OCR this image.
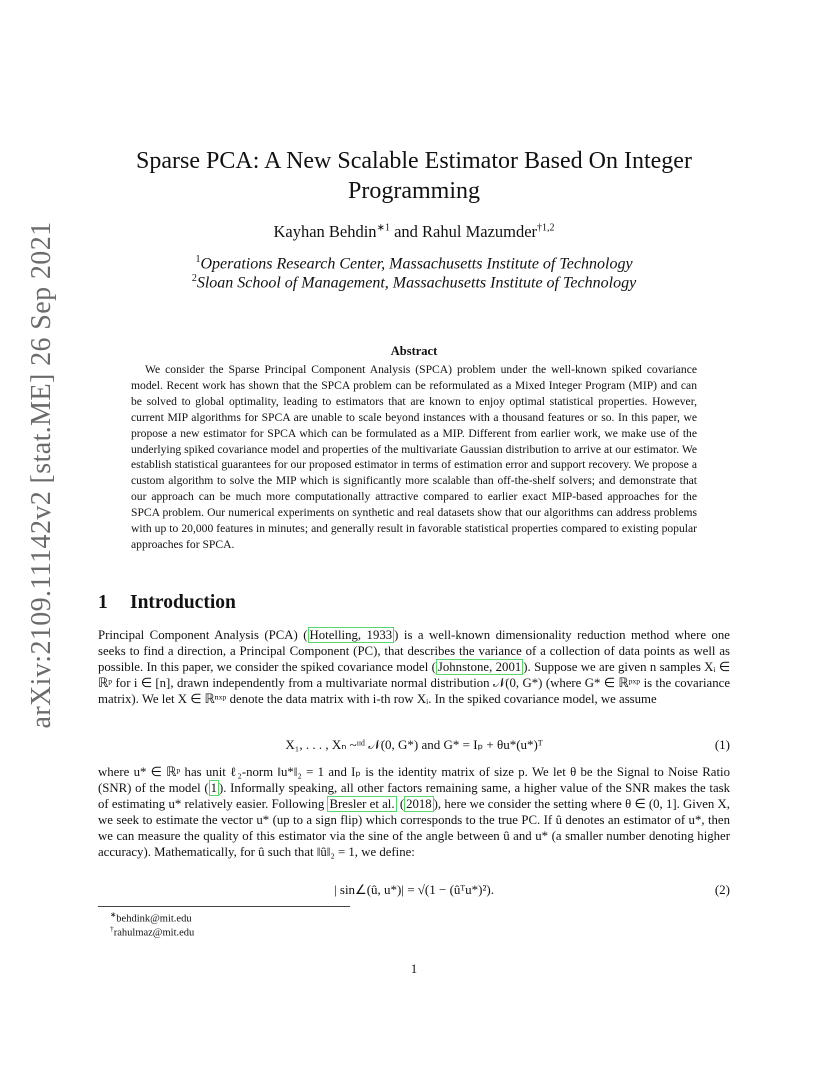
arXiv:2109.11142v2 [stat.ME] 26 Sep 2021
Sparse PCA: A New Scalable Estimator Based On Integer
Programming
Kayhan Behdin$^{∗1}$ and Rahul Mazumder$^{\dagger 1,2}$
$^1$Operations Research Center, Massachusetts Institute of Technology
$^2$Sloan School of Management, Massachusetts Institute of Technology
Abstract
We consider the Sparse Principal Component Analysis (SPCA) problem under the well-known spiked covariance model. Recent work has shown that the SPCA problem can be reformulated as a Mixed Integer Program (MIP) and can be solved to global optimality, leading to estimators that are known to enjoy optimal statistical properties. However, current MIP algorithms for SPCA are unable to scale beyond instances with a thousand features or so. In this paper, we propose a new estimator for SPCA which can be formulated as a MIP. Different from earlier work, we make use of the underlying spiked covariance model and properties of the multivariate Gaussian distribution to arrive at our estimator. We establish statistical guarantees for our proposed estimator in terms of estimation error and support recovery. We propose a custom algorithm to solve the MIP which is significantly more scalable than off-the-shelf solvers; and demonstrate that our approach can be much more computationally attractive compared to earlier exact MIP-based approaches for the SPCA problem. Our numerical experiments on synthetic and real datasets show that our algorithms can address problems with up to 20,000 features in minutes; and generally result in favorable statistical properties compared to existing popular approaches for SPCA.
1 Introduction
Principal Component Analysis (PCA) ( Hotelling, 1933 ) is a well-known dimensionality reduction method where one seeks to find a direction, a Principal Component (PC), that describes the variance of a collection of data points as well as possible. In this paper, we consider the spiked covariance model ( Johnstone, 2001 ). Suppose we are given n samples Xᵢ ∈ ℝᵖ for i ∈ [n], drawn independently from a multivariate normal distribution 𝒩(0, G*) (where G* ∈ ℝᵖˣᵖ is the covariance matrix). We let X ∈ ℝⁿˣᵖ denote the data matrix with i-th row Xᵢ. In the spiked covariance model, we assume
X₁, . . . , Xₙ ~ᶦᶦᵈ 𝒩(0, G*) and G* = Iₚ + θu*(u*)ᵀ	(1)
where u* ∈ ℝᵖ has unit ℓ₂-norm ‖u*‖₂ = 1 and Iₚ is the identity matrix of size p. We let θ be the Signal to Noise Ratio (SNR) of the model ( 1 ). Informally speaking, all other factors remaining same, a higher value of the SNR makes the task of estimating u* relatively easier. Following Bresler et al. ( 2018 ), here we consider the setting where θ ∈ (0, 1]. Given X, we seek to estimate the vector u* (up to a sign flip) which corresponds to the true PC. If û denotes an estimator of u*, then we can measure the quality of this estimator via the sine of the angle between û and u* (a smaller number denoting higher accuracy). Mathematically, for û such that ‖û‖₂ = 1, we define:
| sin∠(û, u*)| = √(1 − (ûᵀu*)²).	(2)
∗behdink@mit.edu
†rahulmaz@mit.edu
1
